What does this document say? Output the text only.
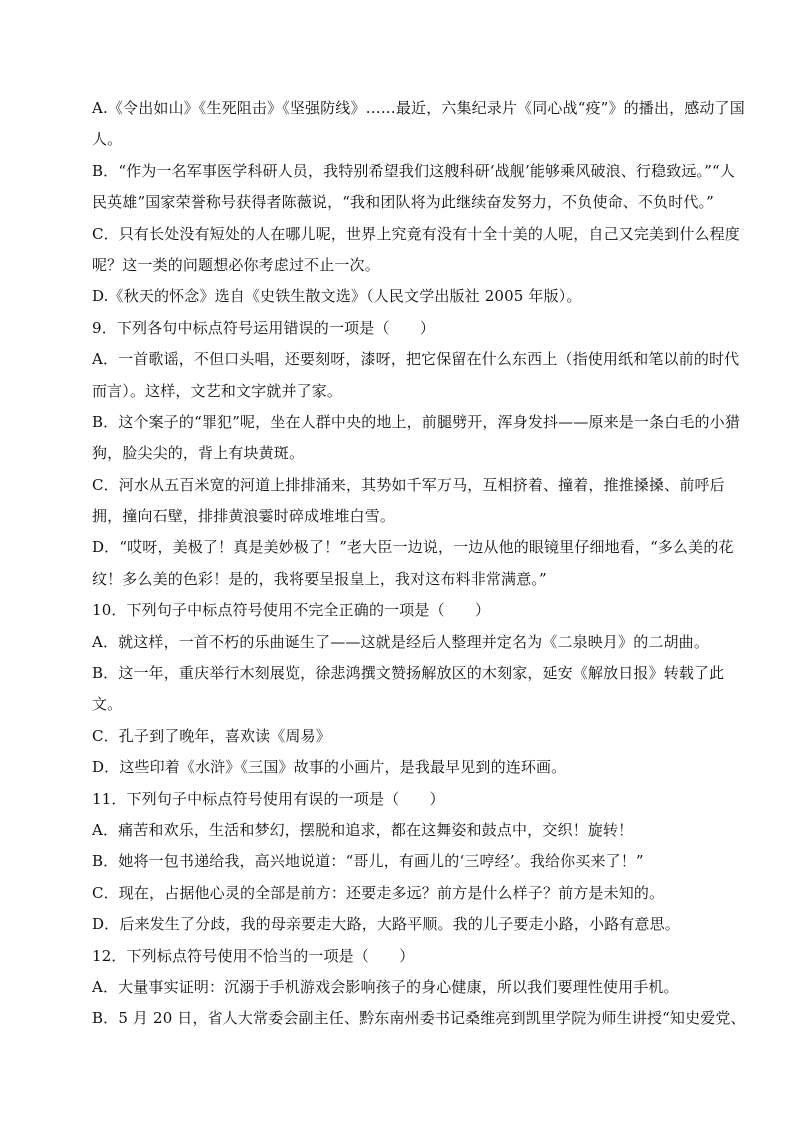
A.《令出如山》《生死阻击》《坚强防线》……最近，六集纪录片《同心战“疫”》的播出，感动了国
人。
B．“作为一名军事医学科研人员，我特别希望我们这艘科研‘战舰’能够乘风破浪、行稳致远。”“人
民英雄”国家荣誉称号获得者陈薇说，“我和团队将为此继续奋发努力，不负使命、不负时代。”
C．只有长处没有短处的人在哪儿呢，世界上究竟有没有十全十美的人呢，自己又完美到什么程度
呢？这一类的问题想必你考虑过不止一次。
D.《秋天的怀念》选自《史铁生散文选》（人民文学出版社 2005 年版）。
9．下列各句中标点符号运用错误的一项是（　　）
A．一首歌谣，不但口头唱，还要刻呀，漆呀，把它保留在什么东西上（指使用纸和笔以前的时代
而言）。这样，文艺和文字就并了家。
B．这个案子的“罪犯”呢，坐在人群中央的地上，前腿劈开，浑身发抖——原来是一条白毛的小猎
狗，脸尖尖的，背上有块黄斑。
C．河水从五百米宽的河道上排排涌来，其势如千军万马，互相挤着、撞着，推推搡搡、前呼后
拥，撞向石壁，排排黄浪霎时碎成堆堆白雪。
D．“哎呀，美极了！真是美妙极了！”老大臣一边说，一边从他的眼镜里仔细地看，“多么美的花
纹！多么美的色彩！是的，我将要呈报皇上，我对这布料非常满意。”
10．下列句子中标点符号使用不完全正确的一项是（　　）
A．就这样，一首不朽的乐曲诞生了——这就是经后人整理并定名为《二泉映月》的二胡曲。
B．这一年，重庆举行木刻展览，徐悲鸿撰文赞扬解放区的木刻家，延安《解放日报》转载了此
文。
C．孔子到了晚年，喜欢读《周易》
D．这些印着《水浒》《三国》故事的小画片，是我最早见到的连环画。
11．下列句子中标点符号使用有误的一项是（　　）
A．痛苦和欢乐，生活和梦幻，摆脱和追求，都在这舞姿和鼓点中，交织！旋转！
B．她将一包书递给我，高兴地说道：“哥儿，有画儿的‘三哼经’。我给你买来了！”
C．现在，占据他心灵的全部是前方：还要走多远？前方是什么样子？前方是未知的。
D．后来发生了分歧，我的母亲要走大路，大路平顺。我的儿子要走小路，小路有意思。
12．下列标点符号使用不恰当的一项是（　　）
A．大量事实证明：沉溺于手机游戏会影响孩子的身心健康，所以我们要理性使用手机。
B．5 月 20 日，省人大常委会副主任、黔东南州委书记桑维亮到凯里学院为师生讲授“知史爱党、
